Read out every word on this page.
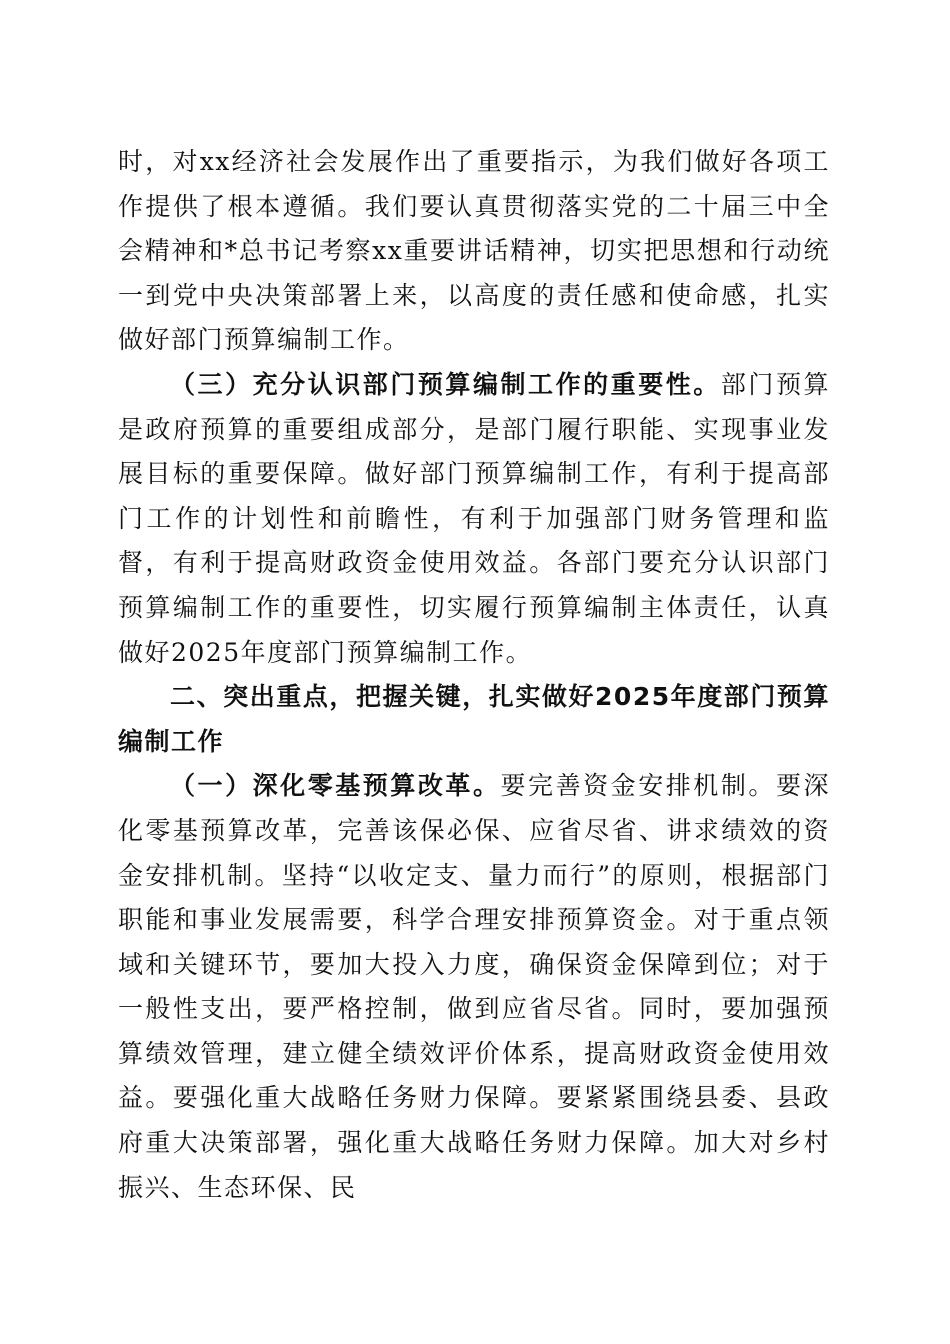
时，对xx经济社会发展作出了重要指示，为我们做好各项工作提供了根本遵循。我们要认真贯彻落实党的二十届三中全会精神和*总书记考察xx重要讲话精神，切实把思想和行动统一到党中央决策部署上来，以高度的责任感和使命感，扎实做好部门预算编制工作。

（三）充分认识部门预算编制工作的重要性。部门预算是政府预算的重要组成部分，是部门履行职能、实现事业发展目标的重要保障。做好部门预算编制工作，有利于提高部门工作的计划性和前瞻性，有利于加强部门财务管理和监督，有利于提高财政资金使用效益。各部门要充分认识部门预算编制工作的重要性，切实履行预算编制主体责任，认真做好2025年度部门预算编制工作。

二、突出重点，把握关键，扎实做好2025年度部门预算编制工作

（一）深化零基预算改革。要完善资金安排机制。要深化零基预算改革，完善该保必保、应省尽省、讲求绩效的资金安排机制。坚持“以收定支、量力而行”的原则，根据部门职能和事业发展需要，科学合理安排预算资金。对于重点领域和关键环节，要加大投入力度，确保资金保障到位；对于一般性支出，要严格控制，做到应省尽省。同时，要加强预算绩效管理，建立健全绩效评价体系，提高财政资金使用效益。要强化重大战略任务财力保障。要紧紧围绕县委、县政府重大决策部署，强化重大战略任务财力保障。加大对乡村振兴、生态环保、民
